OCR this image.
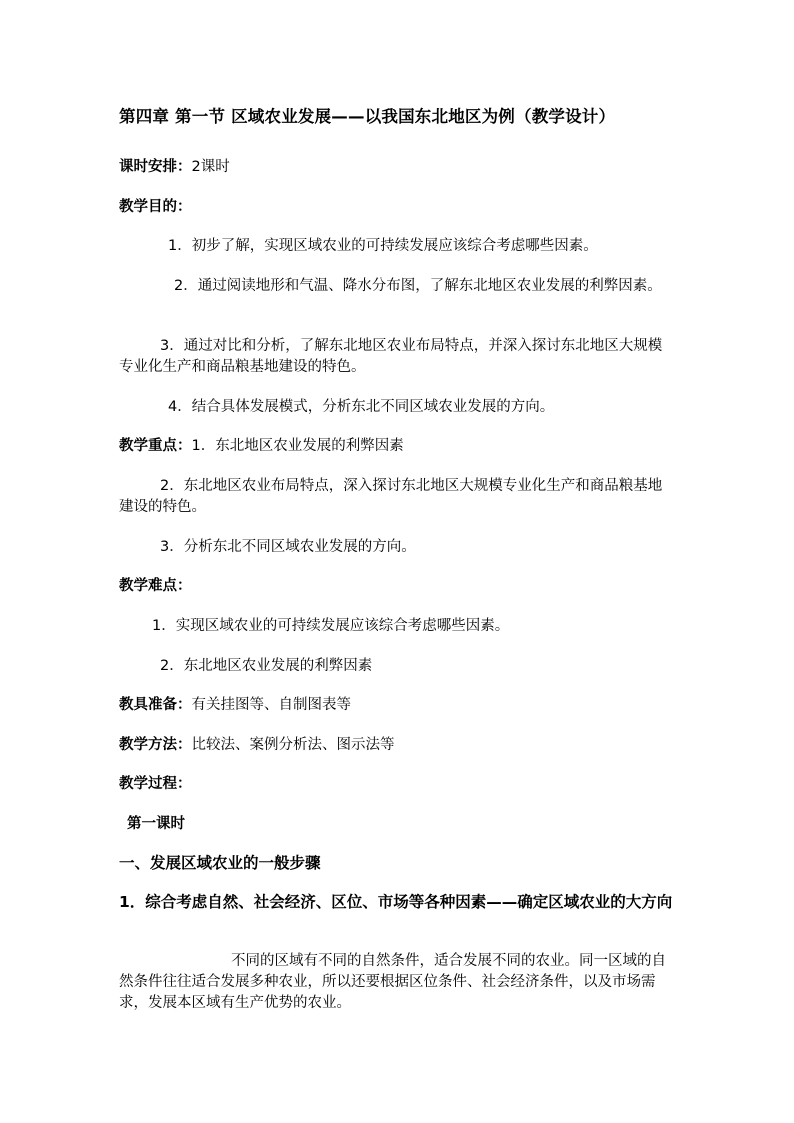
第四章 第一节 区域农业发展——以我国东北地区为例（教学设计）
课时安排：2课时
教学目的：
1．初步了解，实现区域农业的可持续发展应该综合考虑哪些因素。
2．通过阅读地形和气温、降水分布图，了解东北地区农业发展的利弊因素。
3．通过对比和分析，了解东北地区农业布局特点，并深入探讨东北地区大规模专业化生产和商品粮基地建设的特色。
4．结合具体发展模式，分析东北不同区域农业发展的方向。
教学重点：1．东北地区农业发展的利弊因素
2．东北地区农业布局特点，深入探讨东北地区大规模专业化生产和商品粮基地建设的特色。
3．分析东北不同区域农业发展的方向。
教学难点：
1．实现区域农业的可持续发展应该综合考虑哪些因素。
2．东北地区农业发展的利弊因素
教具准备：有关挂图等、自制图表等
教学方法：比较法、案例分析法、图示法等
教学过程：
第一课时
一、发展区域农业的一般步骤
1．综合考虑自然、社会经济、区位、市场等各种因素——确定区域农业的大方向
不同的区域有不同的自然条件，适合发展不同的农业。同一区域的自然条件往往适合发展多种农业，所以还要根据区位条件、社会经济条件，以及市场需求，发展本区域有生产优势的农业。
